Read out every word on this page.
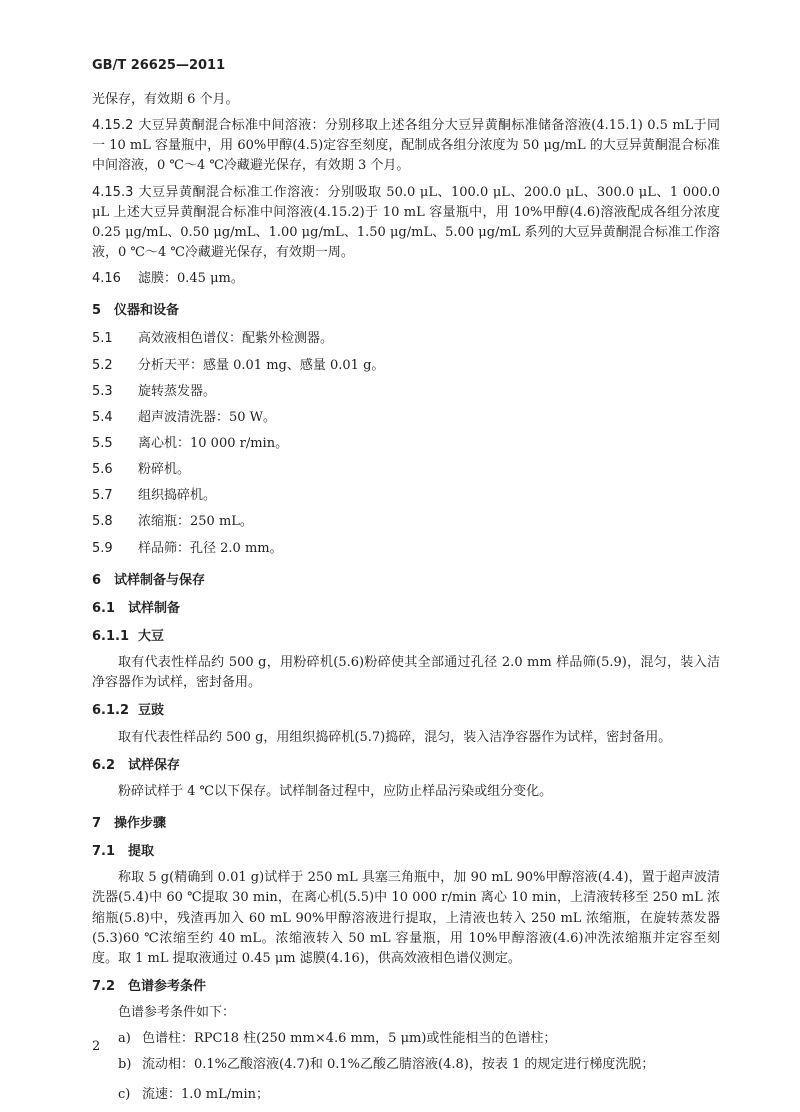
GB/T 26625—2011

光保存，有效期 6 个月。

4.15.2 大豆异黄酮混合标准中间溶液：分别移取上述各组分大豆异黄酮标准储备溶液(4.15.1) 0.5 mL于同一 10 mL 容量瓶中，用 60%甲醇(4.5)定容至刻度，配制成各组分浓度为 50 μg/mL 的大豆异黄酮混合标准中间溶液，0 ℃～4 ℃冷藏避光保存，有效期 3 个月。

4.15.3 大豆异黄酮混合标准工作溶液：分别吸取 50.0 μL、100.0 μL、200.0 μL、300.0 μL、1 000.0 μL 上述大豆异黄酮混合标准中间溶液(4.15.2)于 10 mL 容量瓶中，用 10%甲醇(4.6)溶液配成各组分浓度 0.25 μg/mL、0.50 μg/mL、1.00 μg/mL、1.50 μg/mL、5.00 μg/mL 系列的大豆异黄酮混合标准工作溶液，0 ℃～4 ℃冷藏避光保存，有效期一周。

4.16 滤膜：0.45 μm。

5 仪器和设备
5.1 高效液相色谱仪：配紫外检测器。
5.2 分析天平：感量 0.01 mg、感量 0.01 g。
5.3 旋转蒸发器。
5.4 超声波清洗器：50 W。
5.5 离心机：10 000 r/min。
5.6 粉碎机。
5.7 组织捣碎机。
5.8 浓缩瓶：250 mL。
5.9 样品筛：孔径 2.0 mm。
6 试样制备与保存
6.1 试样制备
6.1.1 大豆

取有代表性样品约 500 g，用粉碎机(5.6)粉碎使其全部通过孔径 2.0 mm 样品筛(5.9)，混匀，装入洁净容器作为试样，密封备用。

6.1.2 豆豉

取有代表性样品约 500 g，用组织捣碎机(5.7)捣碎，混匀，装入洁净容器作为试样，密封备用。

6.2 试样保存

粉碎试样于 4 ℃以下保存。试样制备过程中，应防止样品污染或组分变化。

7 操作步骤
7.1 提取

称取 5 g(精确到 0.01 g)试样于 250 mL 具塞三角瓶中，加 90 mL 90%甲醇溶液(4.4)，置于超声波清洗器(5.4)中 60 ℃提取 30 min，在离心机(5.5)中 10 000 r/min 离心 10 min，上清液转移至 250 mL 浓缩瓶(5.8)中，残渣再加入 60 mL 90%甲醇溶液进行提取，上清液也转入 250 mL 浓缩瓶，在旋转蒸发器(5.3)60 ℃浓缩至约 40 mL。浓缩液转入 50 mL 容量瓶，用 10%甲醇溶液(4.6)冲洗浓缩瓶并定容至刻度。取 1 mL 提取液通过 0.45 μm 滤膜(4.16)，供高效液相色谱仪测定。

7.2 色谱参考条件

色谱参考条件如下：

a) 色谱柱：RPC18 柱(250 mm×4.6 mm，5 μm)或性能相当的色谱柱；
b) 流动相：0.1%乙酸溶液(4.7)和 0.1%乙酸乙腈溶液(4.8)，按表 1 的规定进行梯度洗脱；
c) 流速：1.0 mL/min；
2
